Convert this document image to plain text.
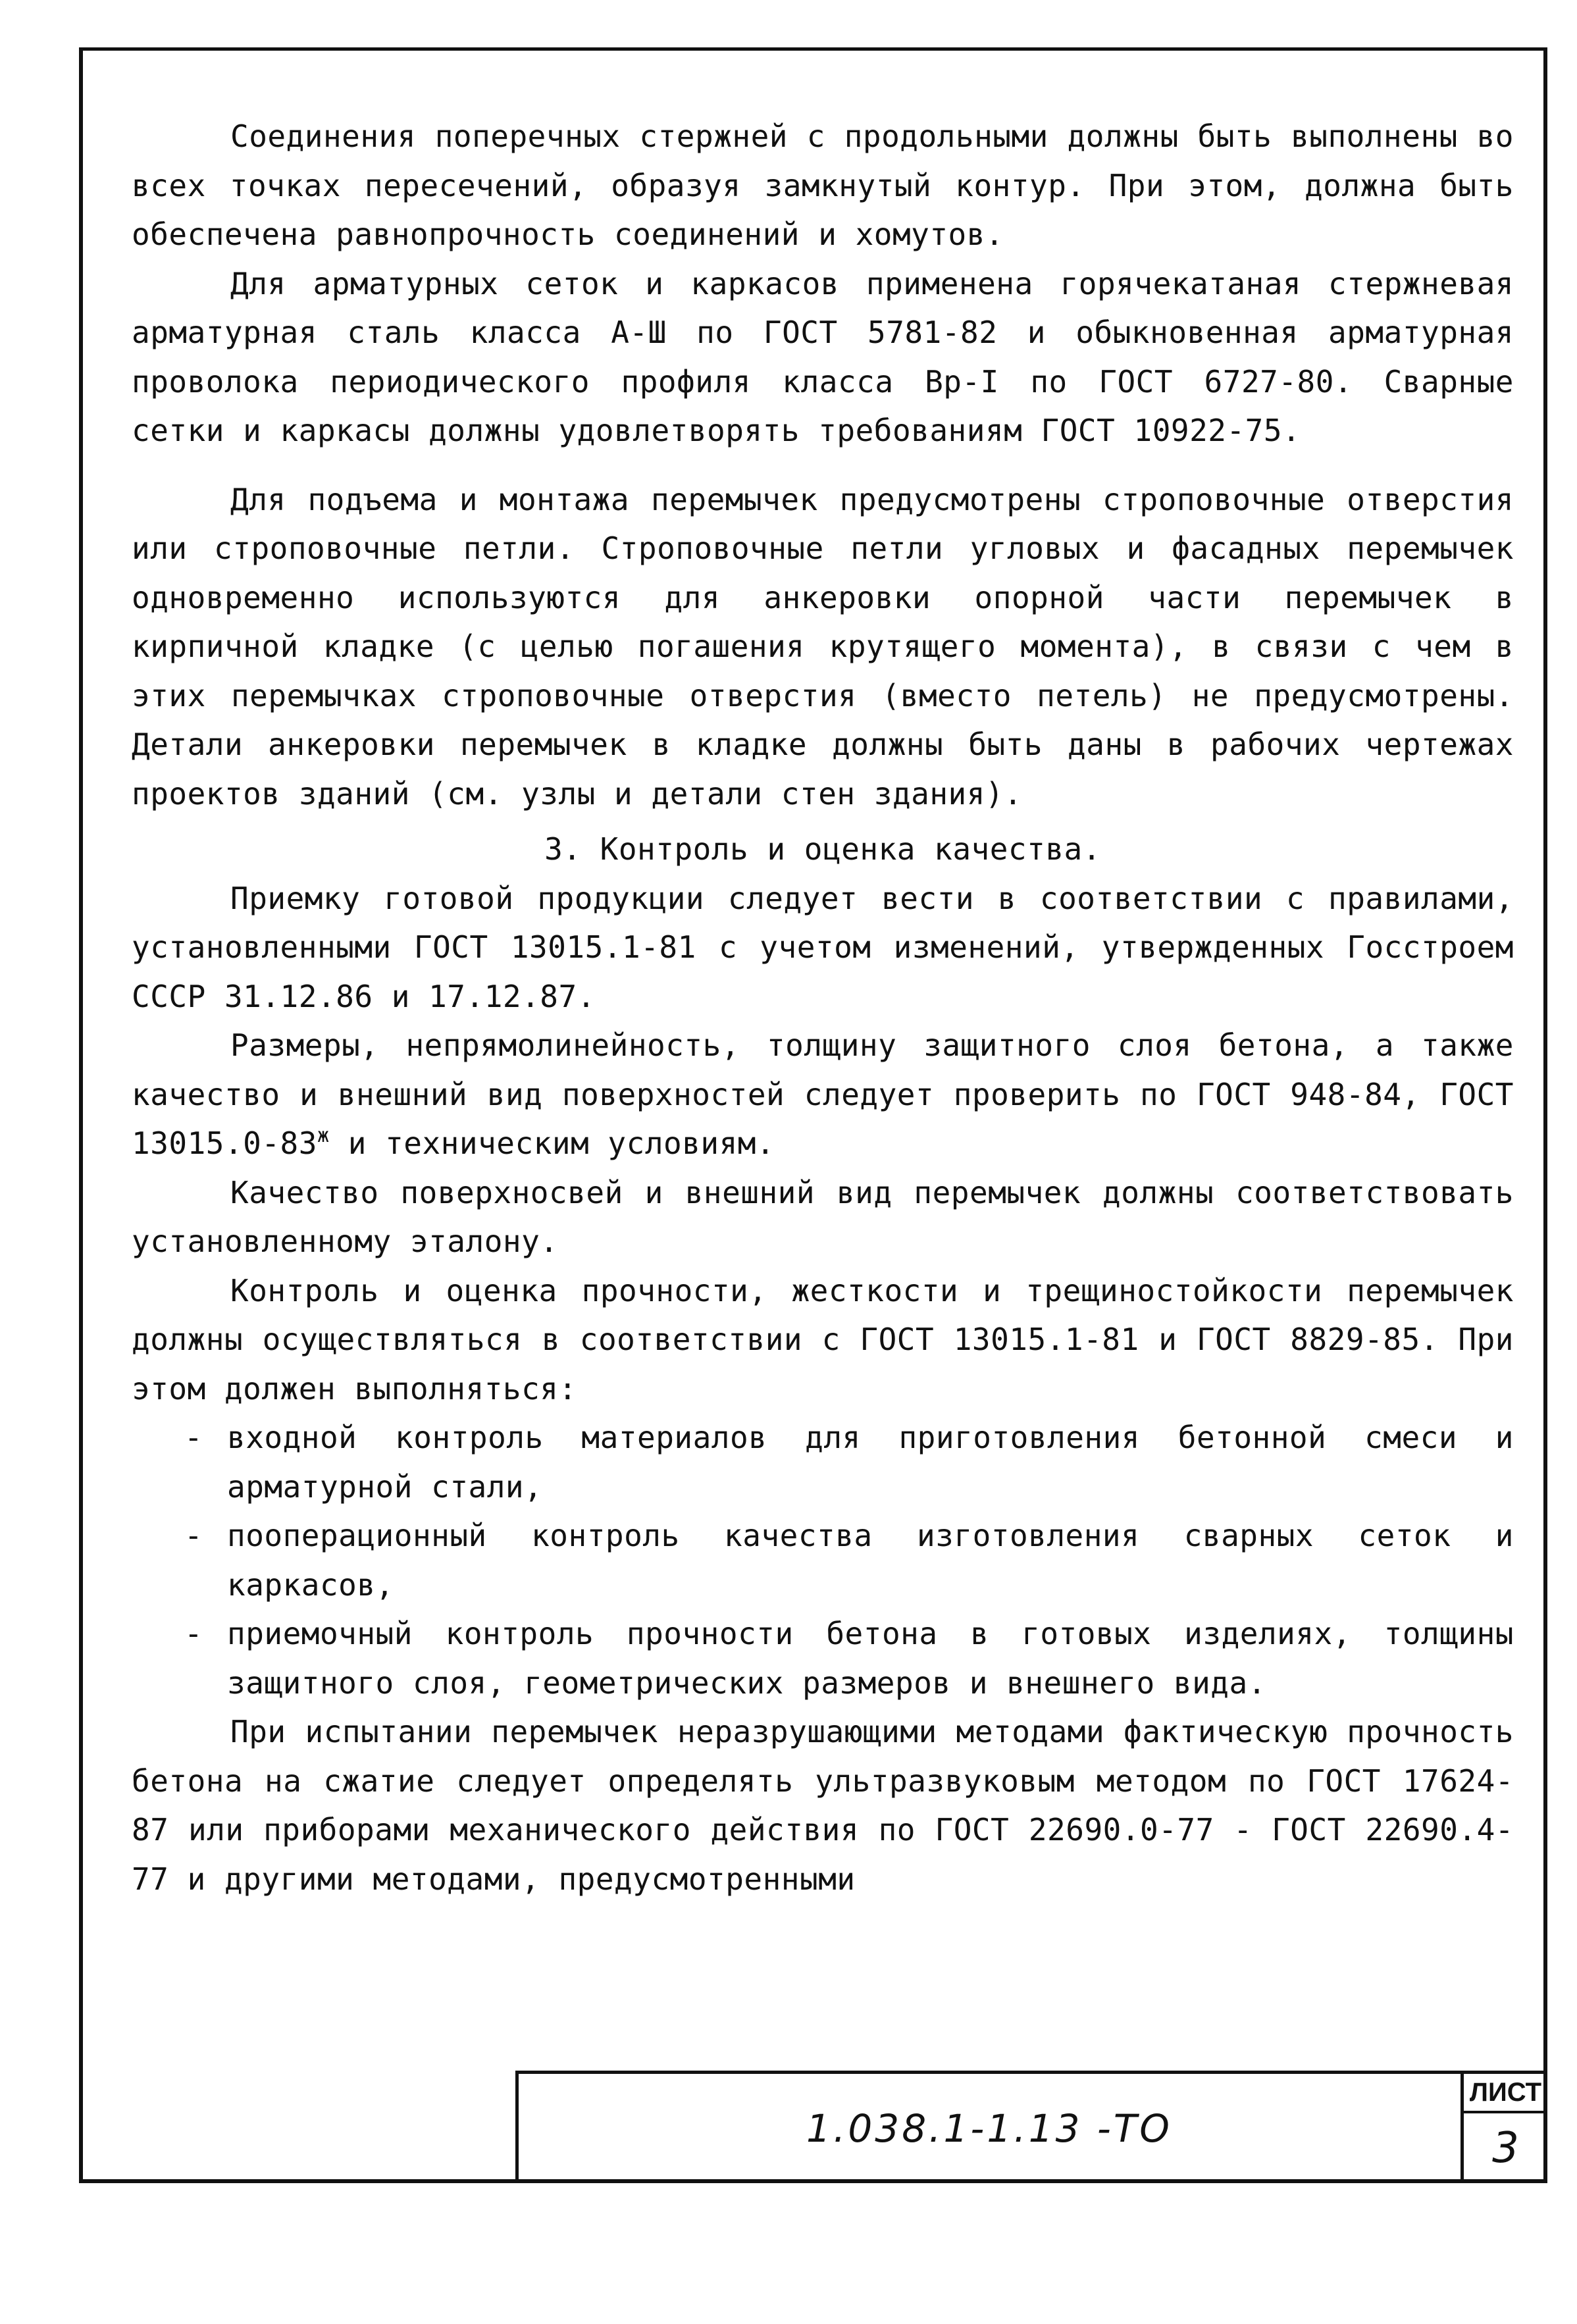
Соединения поперечных стержней с продольными должны быть выполнены во всех точках пересечений, образуя замкнутый контур. При этом, должна быть обеспечена равнопрочность соединений и хомутов.

Для арматурных сеток и каркасов применена горячекатаная стержневая арматурная сталь класса А-Ш по ГОСТ 5781-82 и обыкновенная арматурная проволока периодического профиля класса Вр-I по ГОСТ 6727-80. Сварные сетки и каркасы должны удовлетворять требованиям ГОСТ 10922-75.

Для подъема и монтажа перемычек предусмотрены строповочные отверстия или строповочные петли. Строповочные петли угловых и фасадных перемычек одновременно используются для анкеровки опорной части перемычек в кирпичной кладке (с целью погашения крутящего момента), в связи с чем в этих перемычках строповочные отверстия (вместо петель) не предусмотрены. Детали анкеровки перемычек в кладке должны быть даны в рабочих чертежах проектов зданий (см. узлы и детали стен здания).

3. Контроль и оценка качества.

Приемку готовой продукции следует вести в соответствии с правилами, установленными ГОСТ 13015.1-81 с учетом изменений, утвержденных Госстроем СССР 31.12.86 и 17.12.87.

Размеры, непрямолинейность, толщину защитного слоя бетона, а также качество и внешний вид поверхностей следует проверить по ГОСТ 948-84, ГОСТ $13015.0-83^ж$ и техническим условиям.

Качество поверхносвей и внешний вид перемычек должны соответствовать установленному эталону.

Контроль и оценка прочности, жесткости и трещиностойкости перемычек должны осуществляться в соответствии с ГОСТ 13015.1-81 и ГОСТ 8829-85. При этом должен выполняться:

- входной контроль материалов для приготовления бетонной смеси и арматурной стали,
- пооперационный контроль качества изготовления сварных сеток и каркасов,
- приемочный контроль прочности бетона в готовых изделиях, толщины защитного слоя, геометрических размеров и внешнего вида.

При испытании перемычек неразрушающими методами фактическую прочность бетона на сжатие следует определять ультразвуковым методом по ГОСТ 17624-87 или приборами механического действия по ГОСТ 22690.0-77 - ГОСТ 22690.4-77 и другими методами, предусмотренными

1.038.1-1.13 -ТО
ЛИСТ
3
